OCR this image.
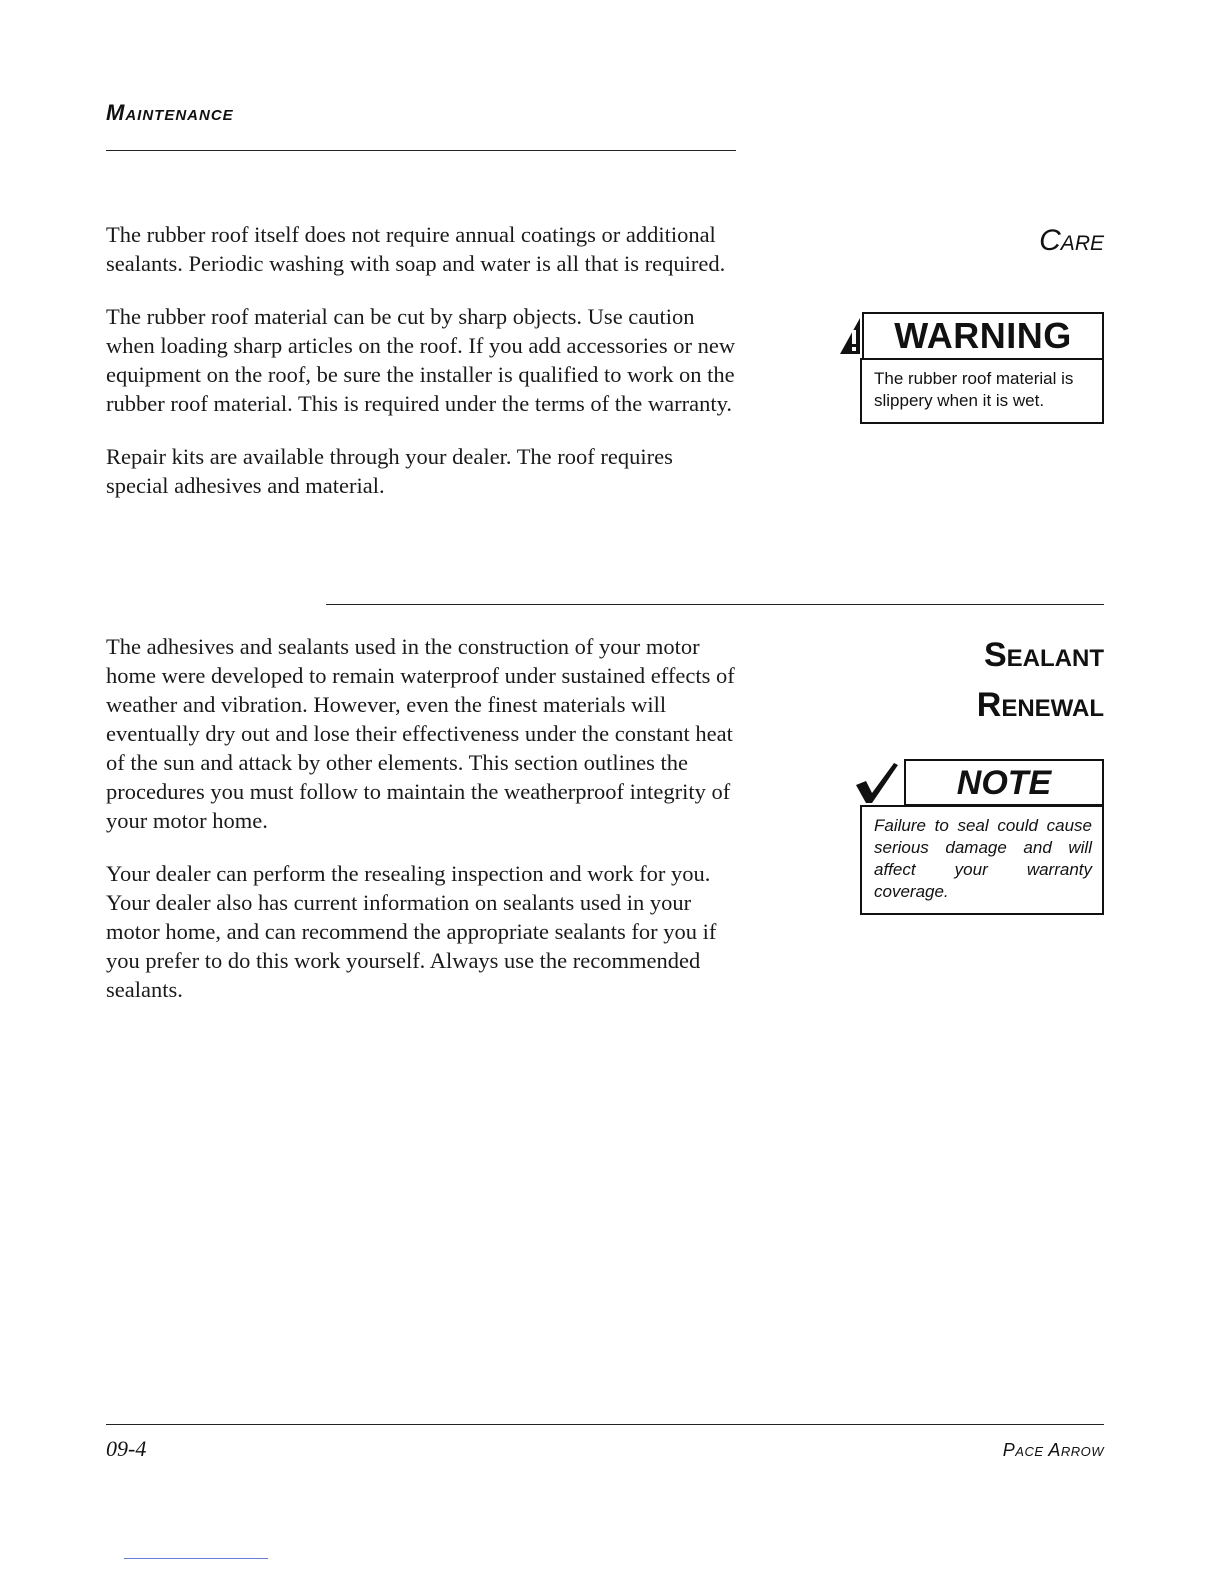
Maintenance

The rubber roof itself does not require annual coatings or additional sealants. Periodic washing with soap and water is all that is required.

The rubber roof material can be cut by sharp objects. Use caution when loading sharp articles on the roof. If you add accessories or new equipment on the roof, be sure the installer is qualified to work on the rubber roof material. This is required under the terms of the warranty.

Repair kits are available through your dealer. The roof requires special adhesives and material.

Care
WARNING
The rubber roof material is slippery when it is wet.

The adhesives and sealants used in the construction of your motor home were developed to remain waterproof under sustained effects of weather and vibration. However, even the finest materials will eventually dry out and lose their effectiveness under the constant heat of the sun and attack by other elements. This section outlines the procedures you must follow to maintain the weatherproof integrity of your motor home.

Your dealer can perform the resealing inspection and work for you. Your dealer also has current information on sealants used in your motor home, and can recommend the appropriate sealants for you if you prefer to do this work yourself. Always use the recommended sealants.

Sealant
Renewal
NOTE
Failure to seal could cause serious damage and will affect your warranty coverage.
09-4	Pace Arrow
